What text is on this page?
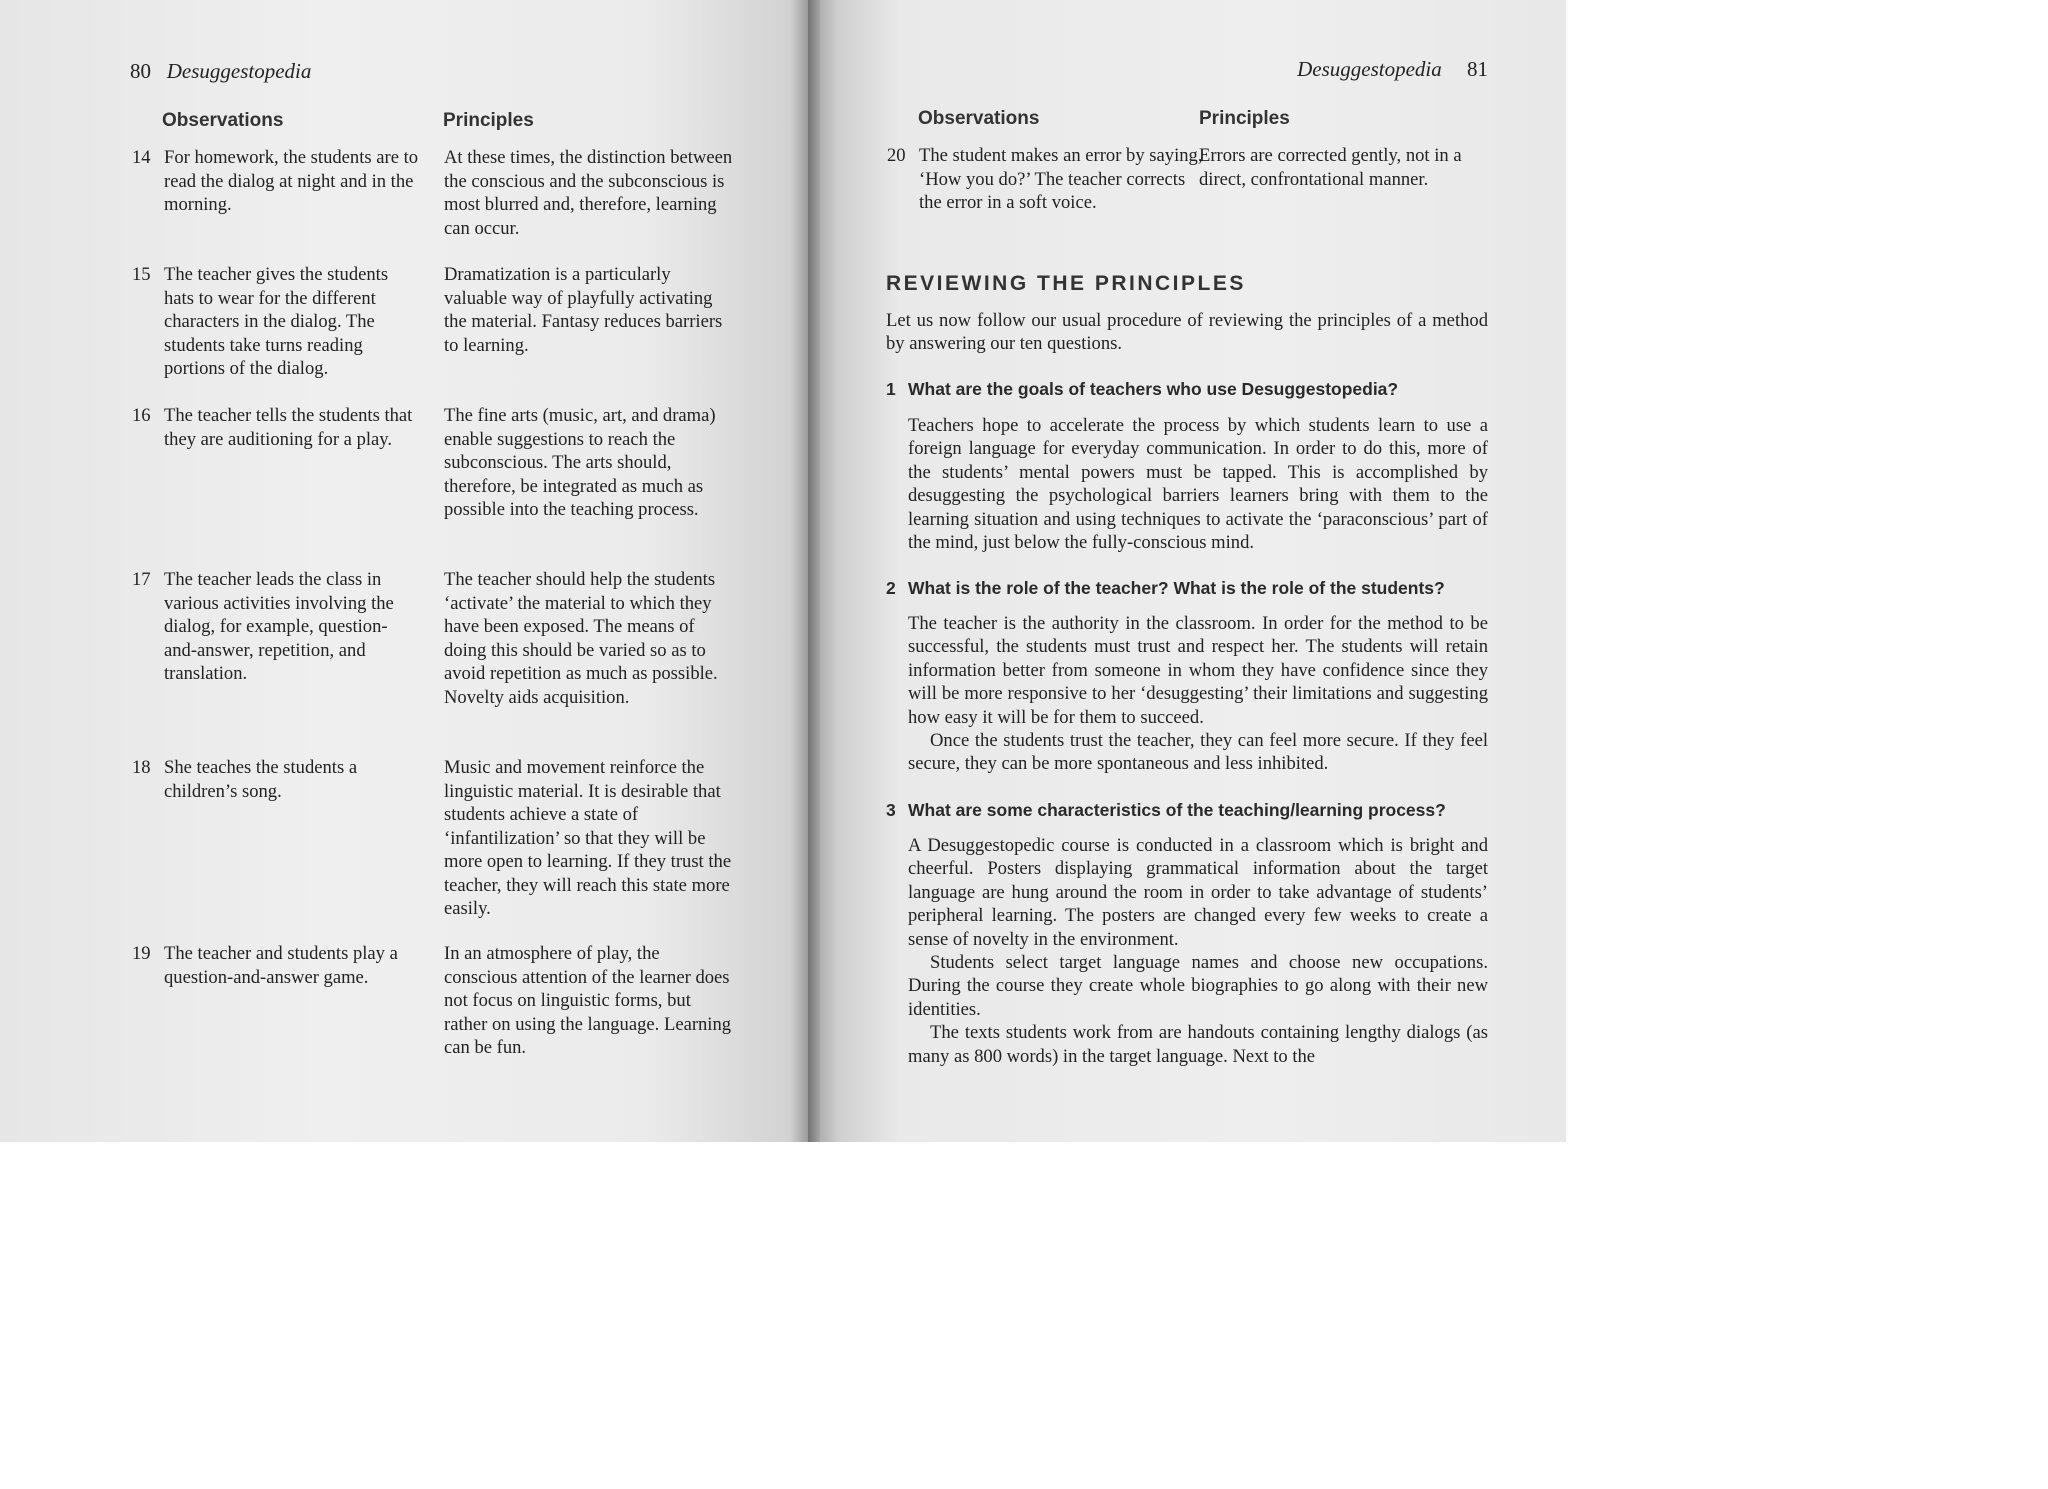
80 Desuggestopedia
Observations	Principles
14 For homework, the students are to read the dialog at night and in the morning.
At these times, the distinction between the conscious and the subconscious is most blurred and, therefore, learning can occur.
15 The teacher gives the students hats to wear for the different characters in the dialog. The students take turns reading portions of the dialog.
Dramatization is a particularly valuable way of playfully activating the material. Fantasy reduces barriers to learning.
16 The teacher tells the students that they are auditioning for a play.
The fine arts (music, art, and drama) enable suggestions to reach the subconscious. The arts should, therefore, be integrated as much as possible into the teaching process.
17 The teacher leads the class in various activities involving the dialog, for example, question-and-answer, repetition, and translation.
The teacher should help the students ‘activate’ the material to which they have been exposed. The means of doing this should be varied so as to avoid repetition as much as possible. Novelty aids acquisition.
18 She teaches the students a children’s song.
Music and movement reinforce the linguistic material. It is desirable that students achieve a state of ‘infantilization’ so that they will be more open to learning. If they trust the teacher, they will reach this state more easily.
19 The teacher and students play a question-and-answer game.
In an atmosphere of play, the conscious attention of the learner does not focus on linguistic forms, but rather on using the language. Learning can be fun.
Desuggestopedia 81
Observations	Principles
20 The student makes an error by saying, ‘How you do?’ The teacher corrects the error in a soft voice.
Errors are corrected gently, not in a direct, confrontational manner.
REVIEWING THE PRINCIPLES
Let us now follow our usual procedure of reviewing the principles of a method by answering our ten questions.
1 What are the goals of teachers who use Desuggestopedia?

Teachers hope to accelerate the process by which students learn to use a foreign language for everyday communication. In order to do this, more of the students’ mental powers must be tapped. This is accomplished by desuggesting the psychological barriers learners bring with them to the learning situation and using techniques to activate the ‘paraconscious’ part of the mind, just below the fully-conscious mind.

2 What is the role of the teacher? What is the role of the students?

The teacher is the authority in the classroom. In order for the method to be successful, the students must trust and respect her. The students will retain information better from someone in whom they have confidence since they will be more responsive to her ‘desuggesting’ their limitations and suggesting how easy it will be for them to succeed.

Once the students trust the teacher, they can feel more secure. If they feel secure, they can be more spontaneous and less inhibited.

3 What are some characteristics of the teaching/learning process?

A Desuggestopedic course is conducted in a classroom which is bright and cheerful. Posters displaying grammatical information about the target language are hung around the room in order to take advantage of students’ peripheral learning. The posters are changed every few weeks to create a sense of novelty in the environment.

Students select target language names and choose new occupations. During the course they create whole biographies to go along with their new identities.

The texts students work from are handouts containing lengthy dialogs (as many as 800 words) in the target language. Next to the
